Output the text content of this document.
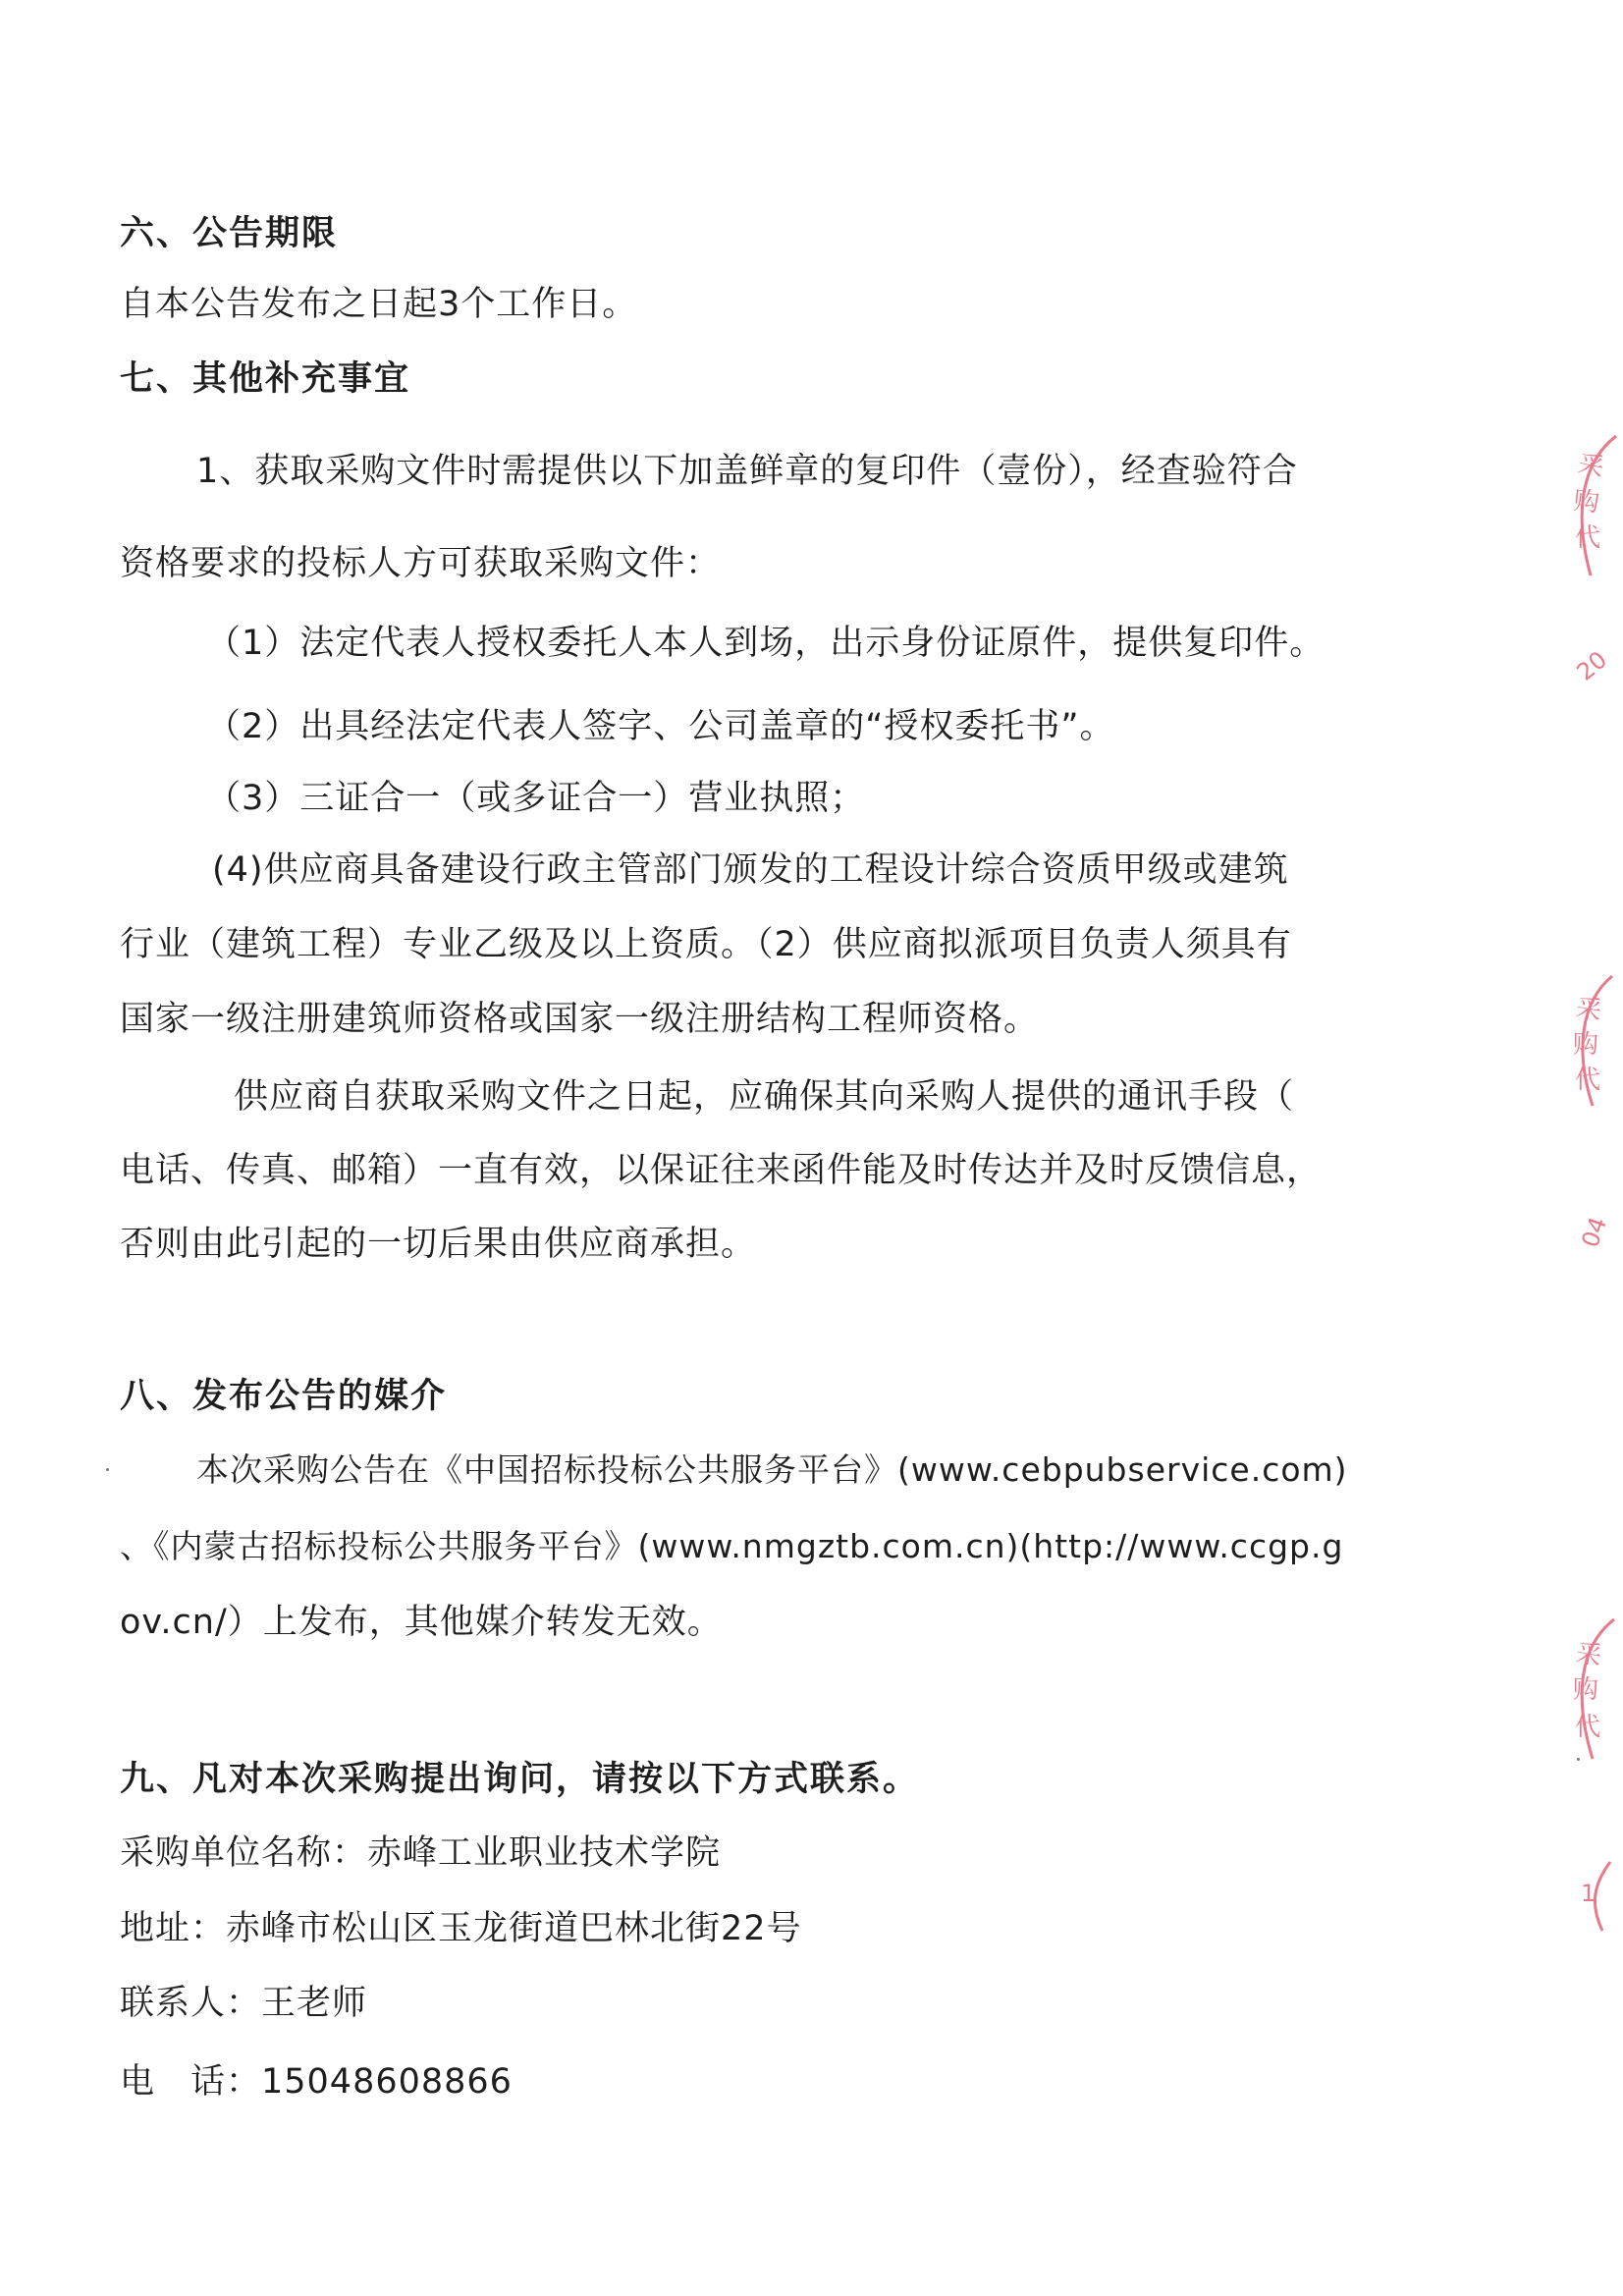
六、公告期限
自本公告发布之日起3个工作日。
七、其他补充事宜
1、获取采购文件时需提供以下加盖鲜章的复印件（壹份），经查验符合
资格要求的投标人方可获取采购文件：
（1）法定代表人授权委托人本人到场，出示身份证原件，提供复印件。
（2）出具经法定代表人签字、公司盖章的“授权委托书”。
（3）三证合一（或多证合一）营业执照；
(4)供应商具备建设行政主管部门颁发的工程设计综合资质甲级或建筑
行业（建筑工程）专业乙级及以上资质。（2）供应商拟派项目负责人须具有
国家一级注册建筑师资格或国家一级注册结构工程师资格。
供应商自获取采购文件之日起，应确保其向采购人提供的通讯手段（
电话、传真、邮箱）一直有效，以保证往来函件能及时传达并及时反馈信息，
否则由此引起的一切后果由供应商承担。
八、发布公告的媒介
本次采购公告在《中国招标投标公共服务平台》(www.cebpubservice.com)
、《内蒙古招标投标公共服务平台》(www.nmgztb.com.cn)(http://www.ccgp.g
ov.cn/）上发布，其他媒介转发无效。
九、凡对本次采购提出询问，请按以下方式联系。
采购单位名称：赤峰工业职业技术学院
地址：赤峰市松山区玉龙街道巴林北街22号
联系人：王老师
电　话：15048608866
采
购
代
20
采
购
代
04
采
购
代
1
